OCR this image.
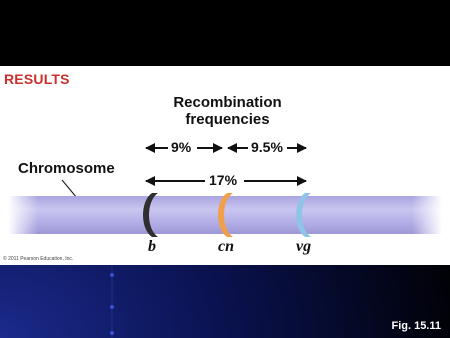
RESULTS
Recombination
frequencies
Chromosome
9%	9.5%
17%
b	cn	vg
© 2011 Pearson Education, Inc.
Fig. 15.11
